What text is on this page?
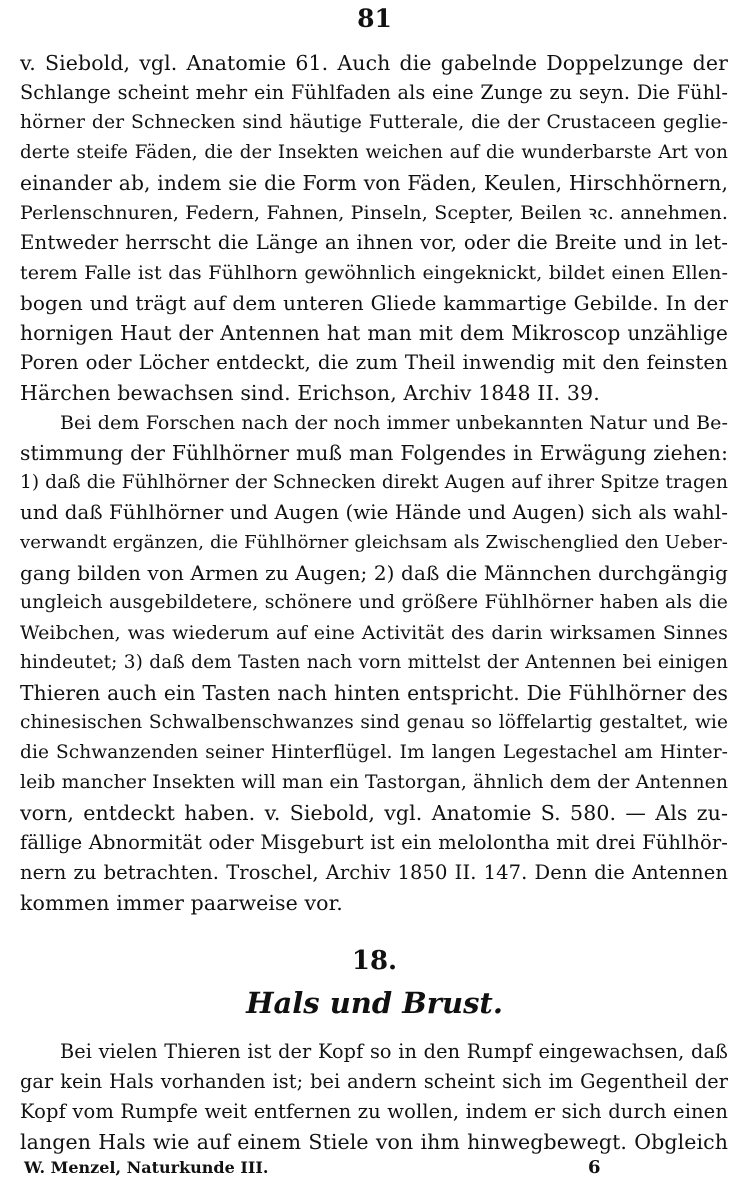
81
v. Siebold, vgl. Anatomie 61. Auch die gabelnde Doppelzunge der
Schlange scheint mehr ein Fühlfaden als eine Zunge zu seyn. Die Fühl-
hörner der Schnecken sind häutige Futterale, die der Crustaceen geglie-
derte steife Fäden, die der Insekten weichen auf die wunderbarste Art von
einander ab, indem sie die Form von Fäden, Keulen, Hirschhörnern,
Perlenschnuren, Federn, Fahnen, Pinseln, Scepter, Beilen ꝛc. annehmen.
Entweder herrscht die Länge an ihnen vor, oder die Breite und in let-
terem Falle ist das Fühlhorn gewöhnlich eingeknickt, bildet einen Ellen-
bogen und trägt auf dem unteren Gliede kammartige Gebilde. In der
hornigen Haut der Antennen hat man mit dem Mikroscop unzählige
Poren oder Löcher entdeckt, die zum Theil inwendig mit den feinsten
Härchen bewachsen sind. Erichson, Archiv 1848 II. 39.
Bei dem Forschen nach der noch immer unbekannten Natur und Be-
stimmung der Fühlhörner muß man Folgendes in Erwägung ziehen:
1) daß die Fühlhörner der Schnecken direkt Augen auf ihrer Spitze tragen
und daß Fühlhörner und Augen (wie Hände und Augen) sich als wahl-
verwandt ergänzen, die Fühlhörner gleichsam als Zwischenglied den Ueber-
gang bilden von Armen zu Augen; 2) daß die Männchen durchgängig
ungleich ausgebildetere, schönere und größere Fühlhörner haben als die
Weibchen, was wiederum auf eine Activität des darin wirksamen Sinnes
hindeutet; 3) daß dem Tasten nach vorn mittelst der Antennen bei einigen
Thieren auch ein Tasten nach hinten entspricht. Die Fühlhörner des
chinesischen Schwalbenschwanzes sind genau so löffelartig gestaltet, wie
die Schwanzenden seiner Hinterflügel. Im langen Legestachel am Hinter-
leib mancher Insekten will man ein Tastorgan, ähnlich dem der Antennen
vorn, entdeckt haben. v. Siebold, vgl. Anatomie S. 580. — Als zu-
fällige Abnormität oder Misgeburt ist ein melolontha mit drei Fühlhör-
nern zu betrachten. Troschel, Archiv 1850 II. 147. Denn die Antennen
kommen immer paarweise vor.
18.
Hals und Brust.
Bei vielen Thieren ist der Kopf so in den Rumpf eingewachsen, daß
gar kein Hals vorhanden ist; bei andern scheint sich im Gegentheil der
Kopf vom Rumpfe weit entfernen zu wollen, indem er sich durch einen
langen Hals wie auf einem Stiele von ihm hinwegbewegt. Obgleich
W. Menzel, Naturkunde III.	6
